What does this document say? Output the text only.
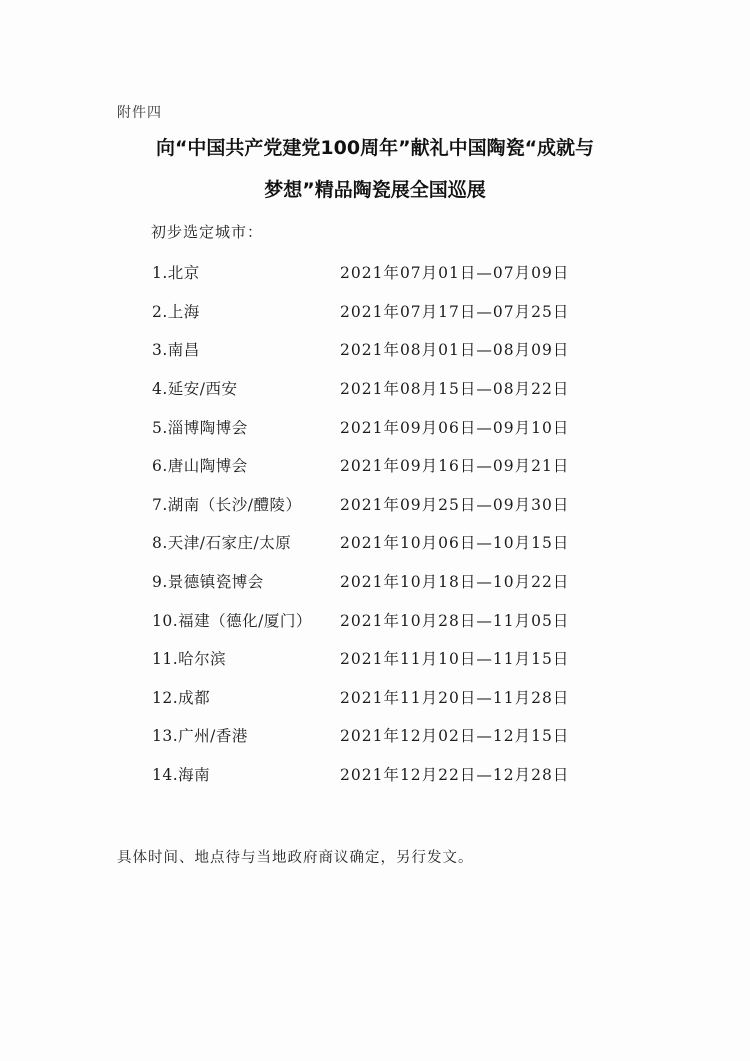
附件四
向“中国共产党建党100周年”献礼中国陶瓷“成就与
梦想”精品陶瓷展全国巡展
初步选定城市：
1.北京	2021年07月01日—07月09日
2.上海	2021年07月17日—07月25日
3.南昌	2021年08月01日—08月09日
4.延安/西安	2021年08月15日—08月22日
5.淄博陶博会	2021年09月06日—09月10日
6.唐山陶博会	2021年09月16日—09月21日
7.湖南（长沙/醴陵）	2021年09月25日—09月30日
8.天津/石家庄/太原	2021年10月06日—10月15日
9.景德镇瓷博会	2021年10月18日—10月22日
10.福建（德化/厦门）	2021年10月28日—11月05日
11.哈尔滨	2021年11月10日—11月15日
12.成都	2021年11月20日—11月28日
13.广州/香港	2021年12月02日—12月15日
14.海南	2021年12月22日—12月28日
具体时间、地点待与当地政府商议确定，另行发文。
